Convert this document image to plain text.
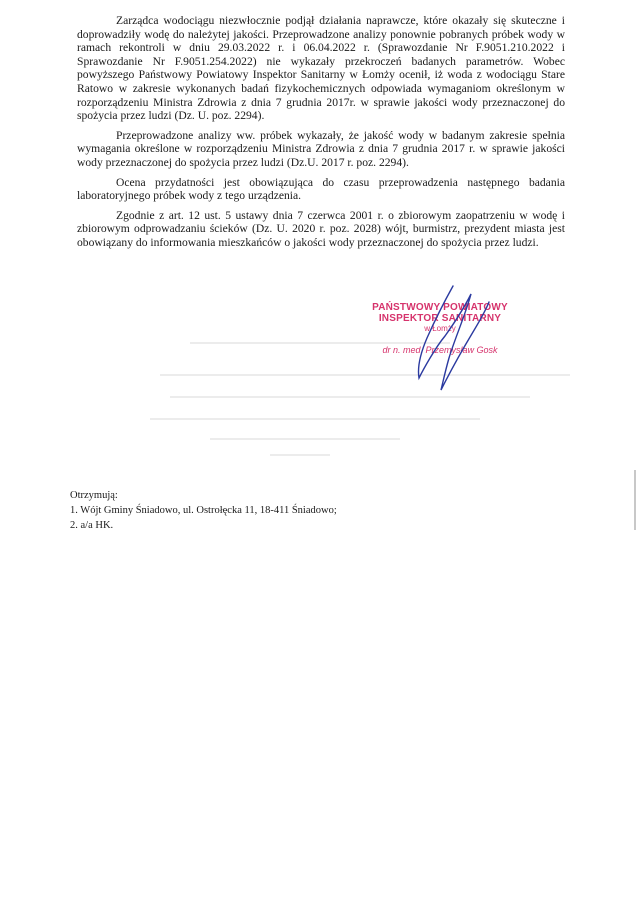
Zarządca wodociągu niezwłocznie podjął działania naprawcze, które okazały się skuteczne i doprowadziły wodę do należytej jakości. Przeprowadzone analizy ponownie pobranych próbek wody w ramach rekontroli w dniu 29.03.2022 r. i 06.04.2022 r. (Sprawozdanie Nr F.9051.210.2022 i Sprawozdanie Nr F.9051.254.2022) nie wykazały przekroczeń badanych parametrów. Wobec powyższego Państwowy Powiatowy Inspektor Sanitarny w Łomży ocenił, iż woda z wodociągu Stare Ratowo w zakresie wykonanych badań fizykochemicznych odpowiada wymaganiom określonym w rozporządzeniu Ministra Zdrowia z dnia 7 grudnia 2017r. w sprawie jakości wody przeznaczonej do spożycia przez ludzi (Dz. U. poz. 2294).

Przeprowadzone analizy ww. próbek wykazały, że jakość wody w badanym zakresie spełnia wymagania określone w rozporządzeniu Ministra Zdrowia z dnia 7 grudnia 2017 r. w sprawie jakości wody przeznaczonej do spożycia przez ludzi (Dz.U. 2017 r. poz. 2294).

Ocena przydatności jest obowiązująca do czasu przeprowadzenia następnego badania laboratoryjnego próbek wody z tego urządzenia.

Zgodnie z art. 12 ust. 5 ustawy dnia 7 czerwca 2001 r. o zbiorowym zaopatrzeniu w wodę i zbiorowym odprowadzaniu ścieków (Dz. U. 2020 r. poz. 2028) wójt, burmistrz, prezydent miasta jest obowiązany do informowania mieszkańców o jakości wody przeznaczonej do spożycia przez ludzi.

PAŃSTWOWY POWIATOWY
INSPEKTOR SANITARNY
w Łomży
dr n. med. Przemysław Gosk
Otrzymują:
1. Wójt Gminy Śniadowo, ul. Ostrołęcka 11, 18-411 Śniadowo;
2. a/a HK.
